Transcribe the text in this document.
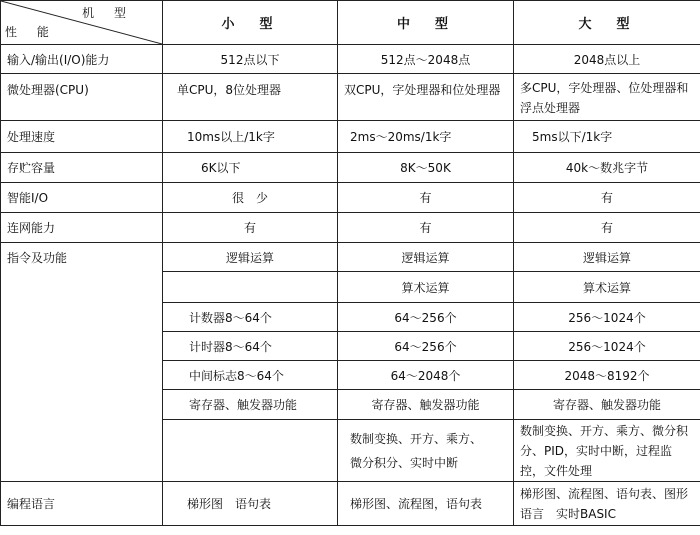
机 型
性 能	小　型	中　型	大　型
输入/输出(I/O)能力	512点以下	512点～2048点	2048点以上
微处理器(CPU)	单CPU，8位处理器	双CPU，字处理器和位处理器	多CPU，字处理器、位处理器和浮点处理器
处理速度	10ms以上/1k字	2ms～20ms/1k字	5ms以下/1k字
存贮容量	6K以下	8K～50K	40k～数兆字节
智能I/O	很　少	有	有
连网能力	有	有	有
指令及功能	逻辑运算	逻辑运算	逻辑运算
		算术运算	算术运算
	计数器8～64个	64～256个	256～1024个
	计时器8～64个	64～256个	256～1024个
	中间标志8～64个	64～2048个	2048～8192个
	寄存器、触发器功能	寄存器、触发器功能	寄存器、触发器功能
		数制变换、开方、乘方、微分积分、实时中断	数制变换、开方、乘方、微分积分、PID，实时中断，过程监控，文件处理
编程语言	梯形图　语句表	梯形图、流程图，语句表	梯形图、流程图、语句表、图形语言　实时BASIC
